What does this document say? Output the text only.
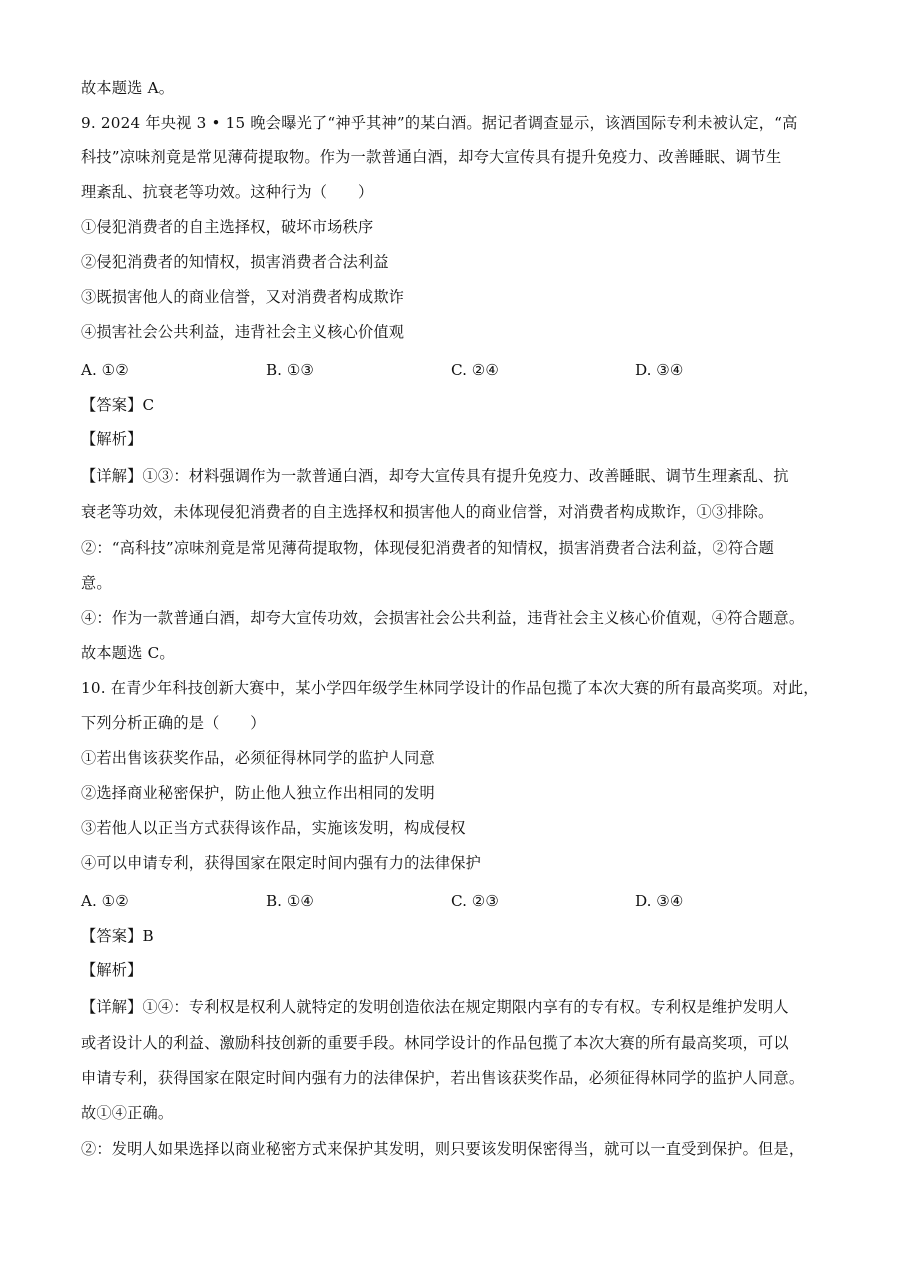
故本题选 A。
9. 2024 年央视 3 • 15 晚会曝光了“神乎其神”的某白酒。据记者调查显示，该酒国际专利未被认定，“高
科技”凉味剂竟是常见薄荷提取物。作为一款普通白酒，却夸大宣传具有提升免疫力、改善睡眠、调节生
理紊乱、抗衰老等功效。这种行为（　　）
①侵犯消费者的自主选择权，破坏市场秩序
②侵犯消费者的知情权，损害消费者合法利益
③既损害他人的商业信誉，又对消费者构成欺诈
④损害社会公共利益，违背社会主义核心价值观
A. ①②	B. ①③	C. ②④	D. ③④
【答案】C
【解析】
【详解】①③：材料强调作为一款普通白酒，却夸大宣传具有提升免疫力、改善睡眠、调节生理紊乱、抗
衰老等功效，未体现侵犯消费者的自主选择权和损害他人的商业信誉，对消费者构成欺诈，①③排除。
②：“高科技”凉味剂竟是常见薄荷提取物，体现侵犯消费者的知情权，损害消费者合法利益，②符合题
意。
④：作为一款普通白酒，却夸大宣传功效，会损害社会公共利益，违背社会主义核心价值观，④符合题意。
故本题选 C。
10. 在青少年科技创新大赛中，某小学四年级学生林同学设计的作品包揽了本次大赛的所有最高奖项。对此，
下列分析正确的是（　　）
①若出售该获奖作品，必须征得林同学的监护人同意
②选择商业秘密保护，防止他人独立作出相同的发明
③若他人以正当方式获得该作品，实施该发明，构成侵权
④可以申请专利，获得国家在限定时间内强有力的法律保护
A. ①②	B. ①④	C. ②③	D. ③④
【答案】B
【解析】
【详解】①④：专利权是权利人就特定的发明创造依法在规定期限内享有的专有权。专利权是维护发明人
或者设计人的利益、激励科技创新的重要手段。林同学设计的作品包揽了本次大赛的所有最高奖项，可以
申请专利，获得国家在限定时间内强有力的法律保护，若出售该获奖作品，必须征得林同学的监护人同意。
故①④正确。
②：发明人如果选择以商业秘密方式来保护其发明，则只要该发明保密得当，就可以一直受到保护。但是，
